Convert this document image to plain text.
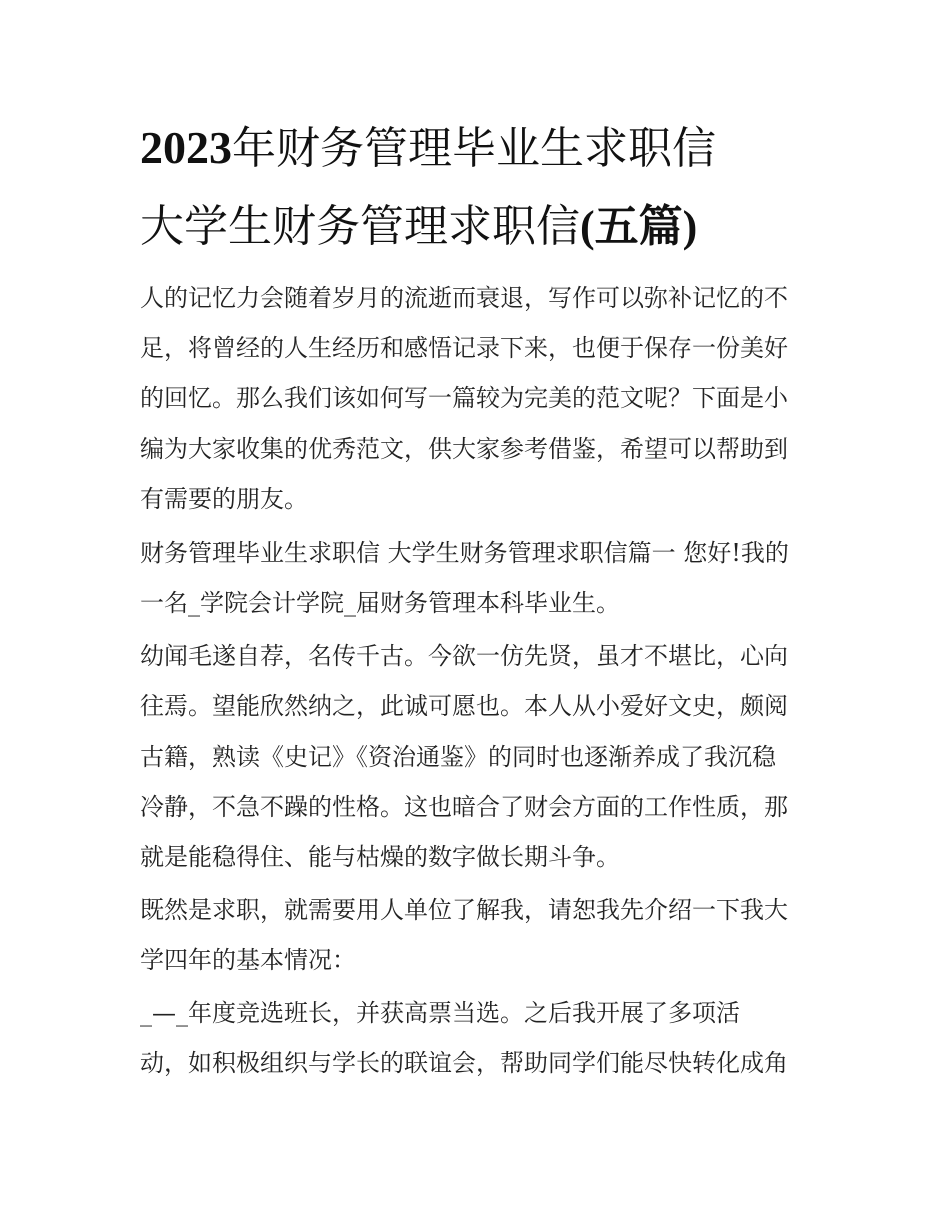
2023年财务管理毕业生求职信
大学生财务管理求职信(五篇)
人的记忆力会随着岁月的流逝而衰退，写作可以弥补记忆的不
足，将曾经的人生经历和感悟记录下来，也便于保存一份美好
的回忆。那么我们该如何写一篇较为完美的范文呢？下面是小
编为大家收集的优秀范文，供大家参考借鉴，希望可以帮助到
有需要的朋友。
财务管理毕业生求职信 大学生财务管理求职信篇一 您好!我的
一名_学院会计学院_届财务管理本科毕业生。
幼闻毛遂自荐，名传千古。今欲一仿先贤，虽才不堪比，心向
往焉。望能欣然纳之，此诚可愿也。本人从小爱好文史，颇阅
古籍，熟读《史记》《资治通鉴》的同时也逐渐养成了我沉稳
冷静，不急不躁的性格。这也暗合了财会方面的工作性质，那
就是能稳得住、能与枯燥的数字做长期斗争。
既然是求职，就需要用人单位了解我，请恕我先介绍一下我大
学四年的基本情况：
_—_年度竞选班长，并获高票当选。之后我开展了多项活
动，如积极组织与学长的联谊会，帮助同学们能尽快转化成角
